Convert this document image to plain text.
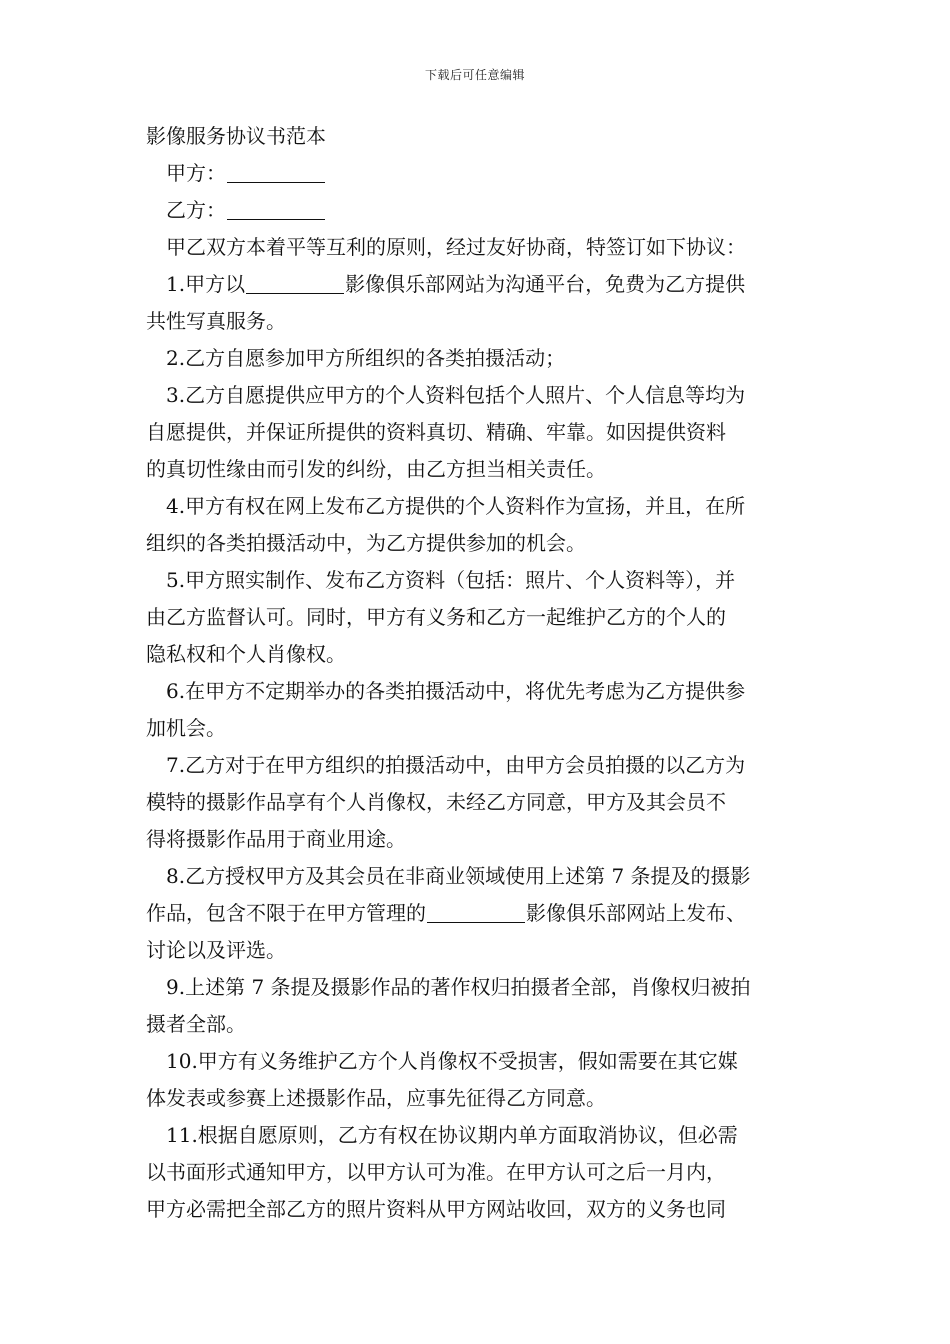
下载后可任意编辑
影像服务协议书范本
甲方：
乙方：
甲乙双方本着平等互利的原则，经过友好协商，特签订如下协议：
1.甲方以	影像俱乐部网站为沟通平台，免费为乙方提供
共性写真服务。
2.乙方自愿参加甲方所组织的各类拍摄活动；
3.乙方自愿提供应甲方的个人资料包括个人照片、个人信息等均为
自愿提供，并保证所提供的资料真切、精确、牢靠。如因提供资料
的真切性缘由而引发的纠纷，由乙方担当相关责任。
4.甲方有权在网上发布乙方提供的个人资料作为宣扬，并且，在所
组织的各类拍摄活动中，为乙方提供参加的机会。
5.甲方照实制作、发布乙方资料（包括：照片、个人资料等），并
由乙方监督认可。同时，甲方有义务和乙方一起维护乙方的个人的
隐私权和个人肖像权。
6.在甲方不定期举办的各类拍摄活动中，将优先考虑为乙方提供参
加机会。
7.乙方对于在甲方组织的拍摄活动中，由甲方会员拍摄的以乙方为
模特的摄影作品享有个人肖像权，未经乙方同意，甲方及其会员不
得将摄影作品用于商业用途。
8.乙方授权甲方及其会员在非商业领域使用上述第 7 条提及的摄影
作品，包含不限于在甲方管理的	影像俱乐部网站上发布、
讨论以及评选。
9.上述第 7 条提及摄影作品的著作权归拍摄者全部，肖像权归被拍
摄者全部。
10.甲方有义务维护乙方个人肖像权不受损害，假如需要在其它媒
体发表或参赛上述摄影作品，应事先征得乙方同意。
11.根据自愿原则，乙方有权在协议期内单方面取消协议，但必需
以书面形式通知甲方，以甲方认可为准。在甲方认可之后一月内，
甲方必需把全部乙方的照片资料从甲方网站收回，双方的义务也同
